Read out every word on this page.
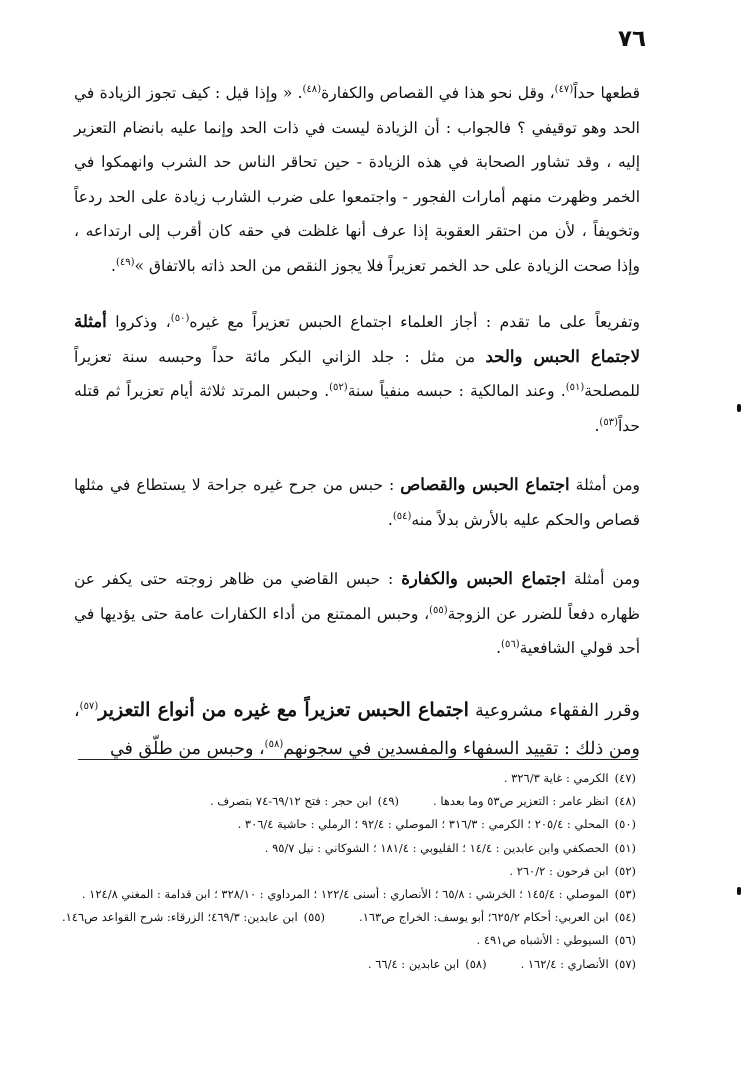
٧٦

قطعها حداً$^{(٤٧)}$، وقل نحو هذا في القصاص والكفارة$^{(٤٨)}$. « وإذا قيل : كيف تجوز الزيادة في الحد وهو توقيفي ؟ فالجواب : أن الزيادة ليست في ذات الحد وإنما عليه بانضام التعزير إليه ، وقد تشاور الصحابة في هذه الزيادة - حين تحاقر الناس حد الشرب وانهمكوا في الخمر وظهرت منهم أمارات الفجور - واجتمعوا على ضرب الشارب زيادة على الحد ردعاً وتخويفاً ، لأن من احتقر العقوبة إذا عرف أنها غلظت في حقه كان أقرب إلى ارتداعه ، وإذا صحت الزيادة على حد الخمر تعزيراً فلا يجوز النقص من الحد ذاته بالاتفاق »$^{(٤٩)}$.

وتفريعاً على ما تقدم : أجاز العلماء اجتماع الحبس تعزيراً مع غيره$^{(٥٠)}$، وذكروا أمثلة لاجتماع الحبس والحد من مثل : جلد الزاني البكر مائة حداً وحبسه سنة تعزيراً للمصلحة$^{(٥١)}$. وعند المالكية : حبسه منفياً سنة$^{(٥٢)}$. وحبس المرتد ثلاثة أيام تعزيراً ثم قتله حداً$^{(٥٣)}$.

ومن أمثلة اجتماع الحبس والقصاص : حبس من جرح غيره جراحة لا يستطاع في مثلها قصاص والحكم عليه بالأرش بدلاً منه$^{(٥٤)}$.

ومن أمثلة اجتماع الحبس والكفارة : حبس القاضي من ظاهر زوجته حتى يكفر عن ظهاره دفعاً للضرر عن الزوجة$^{(٥٥)}$، وحبس الممتنع من أداء الكفارات عامة حتى يؤديها في أحد قولي الشافعية$^{(٥٦)}$.

وقرر الفقهاء مشروعية اجتماع الحبس تعزيراً مع غيره من أنواع التعزير$^{(٥٧)}$، ومن ذلك : تقييد السفهاء والمفسدين في سجونهم$^{(٥٨)}$، وحبس من طلّق في

(٤٧)الكرمي : غاية ٣٢٦/٣ .
(٤٨)انظر عامر : التعزير ص٥٣ وما بعدها .
(٤٩)ابن حجر : فتح ٦٩/١٢-٧٤ بتصرف .
(٥٠)المحلي : ٢٠٥/٤ ؛ الكرمي : ٣١٦/٣ ؛ الموصلي : ٩٢/٤ ؛ الرملي : حاشية ٣٠٦/٤ .
(٥١)الحصكفي وابن عابدين : ١٤/٤ ؛ القليوبي : ١٨١/٤ ؛ الشوكاني : نيل ٩٥/٧ .
(٥٢)ابن فرحون : ٢٦٠/٢ .
(٥٣)الموصلي : ١٤٥/٤ ؛ الخرشي : ٦٥/٨ ؛ الأنصاري : أسنى ١٢٢/٤ ؛ المرداوي : ٣٢٨/١٠ ؛ ابن قدامة : المغني ١٢٤/٨ .
(٥٤)ابن العربي: أحكام ٦٢٥/٢؛ أبو يوسف: الخراج ص١٦٣.
(٥٥)ابن عابدين: ٤٦٩/٣؛ الزرقاء: شرح القواعد ص١٤٦.
(٥٦)السيوطي : الأشباه ص٤٩١ .
(٥٧)الأنصاري : ١٦٢/٤ .
(٥٨)ابن عابدين : ٦٦/٤ .
